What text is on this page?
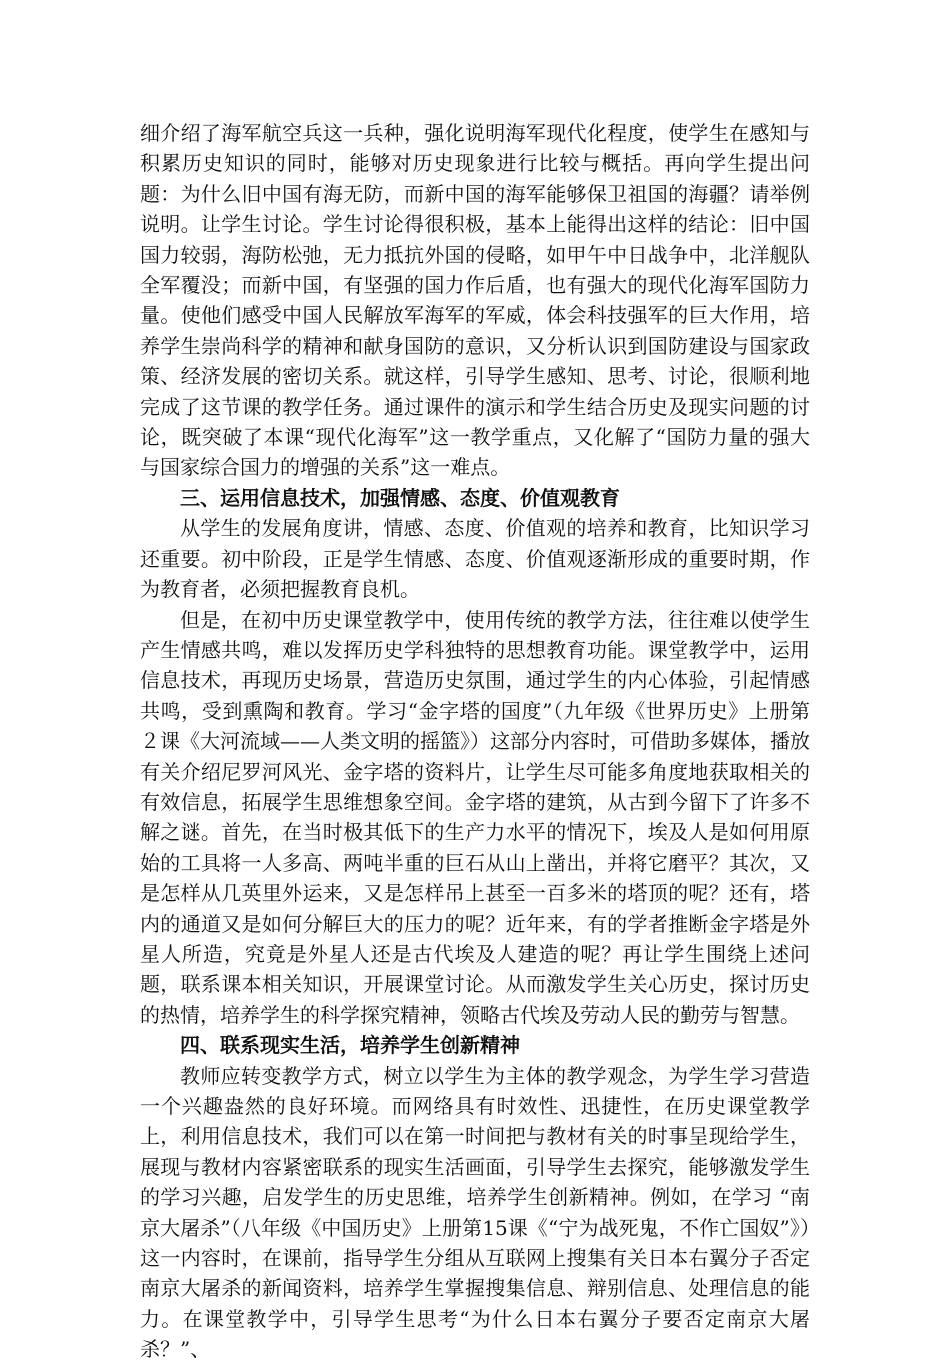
细介绍了海军航空兵这一兵种，强化说明海军现代化程度，使学生在感知与积累历史知识的同时，能够对历史现象进行比较与概括。再向学生提出问题：为什么旧中国有海无防，而新中国的海军能够保卫祖国的海疆？请举例说明。让学生讨论。学生讨论得很积极，基本上能得出这样的结论：旧中国国力较弱，海防松弛，无力抵抗外国的侵略，如甲午中日战争中，北洋舰队全军覆没；而新中国，有坚强的国力作后盾，也有强大的现代化海军国防力量。使他们感受中国人民解放军海军的军威，体会科技强军的巨大作用，培养学生崇尚科学的精神和献身国防的意识，又分析认识到国防建设与国家政策、经济发展的密切关系。就这样，引导学生感知、思考、讨论，很顺利地完成了这节课的教学任务。通过课件的演示和学生结合历史及现实问题的讨论，既突破了本课“现代化海军”这一教学重点，又化解了“国防力量的强大与国家综合国力的增强的关系”这一难点。

三、运用信息技术，加强情感、态度、价值观教育

从学生的发展角度讲，情感、态度、价值观的培养和教育，比知识学习还重要。初中阶段，正是学生情感、态度、价值观逐渐形成的重要时期，作为教育者，必须把握教育良机。

但是，在初中历史课堂教学中，使用传统的教学方法，往往难以使学生产生情感共鸣，难以发挥历史学科独特的思想教育功能。课堂教学中，运用信息技术，再现历史场景，营造历史氛围，通过学生的内心体验，引起情感共鸣，受到熏陶和教育。学习“金字塔的国度”（九年级《世界历史》上册第２课《大河流域——人类文明的摇篮》）这部分内容时，可借助多媒体，播放有关介绍尼罗河风光、金字塔的资料片，让学生尽可能多角度地获取相关的有效信息，拓展学生思维想象空间。金字塔的建筑，从古到今留下了许多不解之谜。首先，在当时极其低下的生产力水平的情况下，埃及人是如何用原始的工具将一人多高、两吨半重的巨石从山上凿出，并将它磨平？其次，又是怎样从几英里外运来，又是怎样吊上甚至一百多米的塔顶的呢？还有，塔内的通道又是如何分解巨大的压力的呢？近年来，有的学者推断金字塔是外星人所造，究竟是外星人还是古代埃及人建造的呢？再让学生围绕上述问题，联系课本相关知识，开展课堂讨论。从而激发学生关心历史，探讨历史的热情，培养学生的科学探究精神，领略古代埃及劳动人民的勤劳与智慧。

四、联系现实生活，培养学生创新精神

教师应转变教学方式，树立以学生为主体的教学观念，为学生学习营造一个兴趣盎然的良好环境。而网络具有时效性、迅捷性，在历史课堂教学上，利用信息技术，我们可以在第一时间把与教材有关的时事呈现给学生，展现与教材内容紧密联系的现实生活画面，引导学生去探究，能够激发学生的学习兴趣，启发学生的历史思维，培养学生创新精神。例如，在学习 “南京大屠杀”（八年级《中国历史》上册第15课《“宁为战死鬼，不作亡国奴”》）这一内容时，在课前，指导学生分组从互联网上搜集有关日本右翼分子否定南京大屠杀的新闻资料，培养学生掌握搜集信息、辩别信息、处理信息的能力。在课堂教学中，引导学生思考“为什么日本右翼分子要否定南京大屠杀？”、
